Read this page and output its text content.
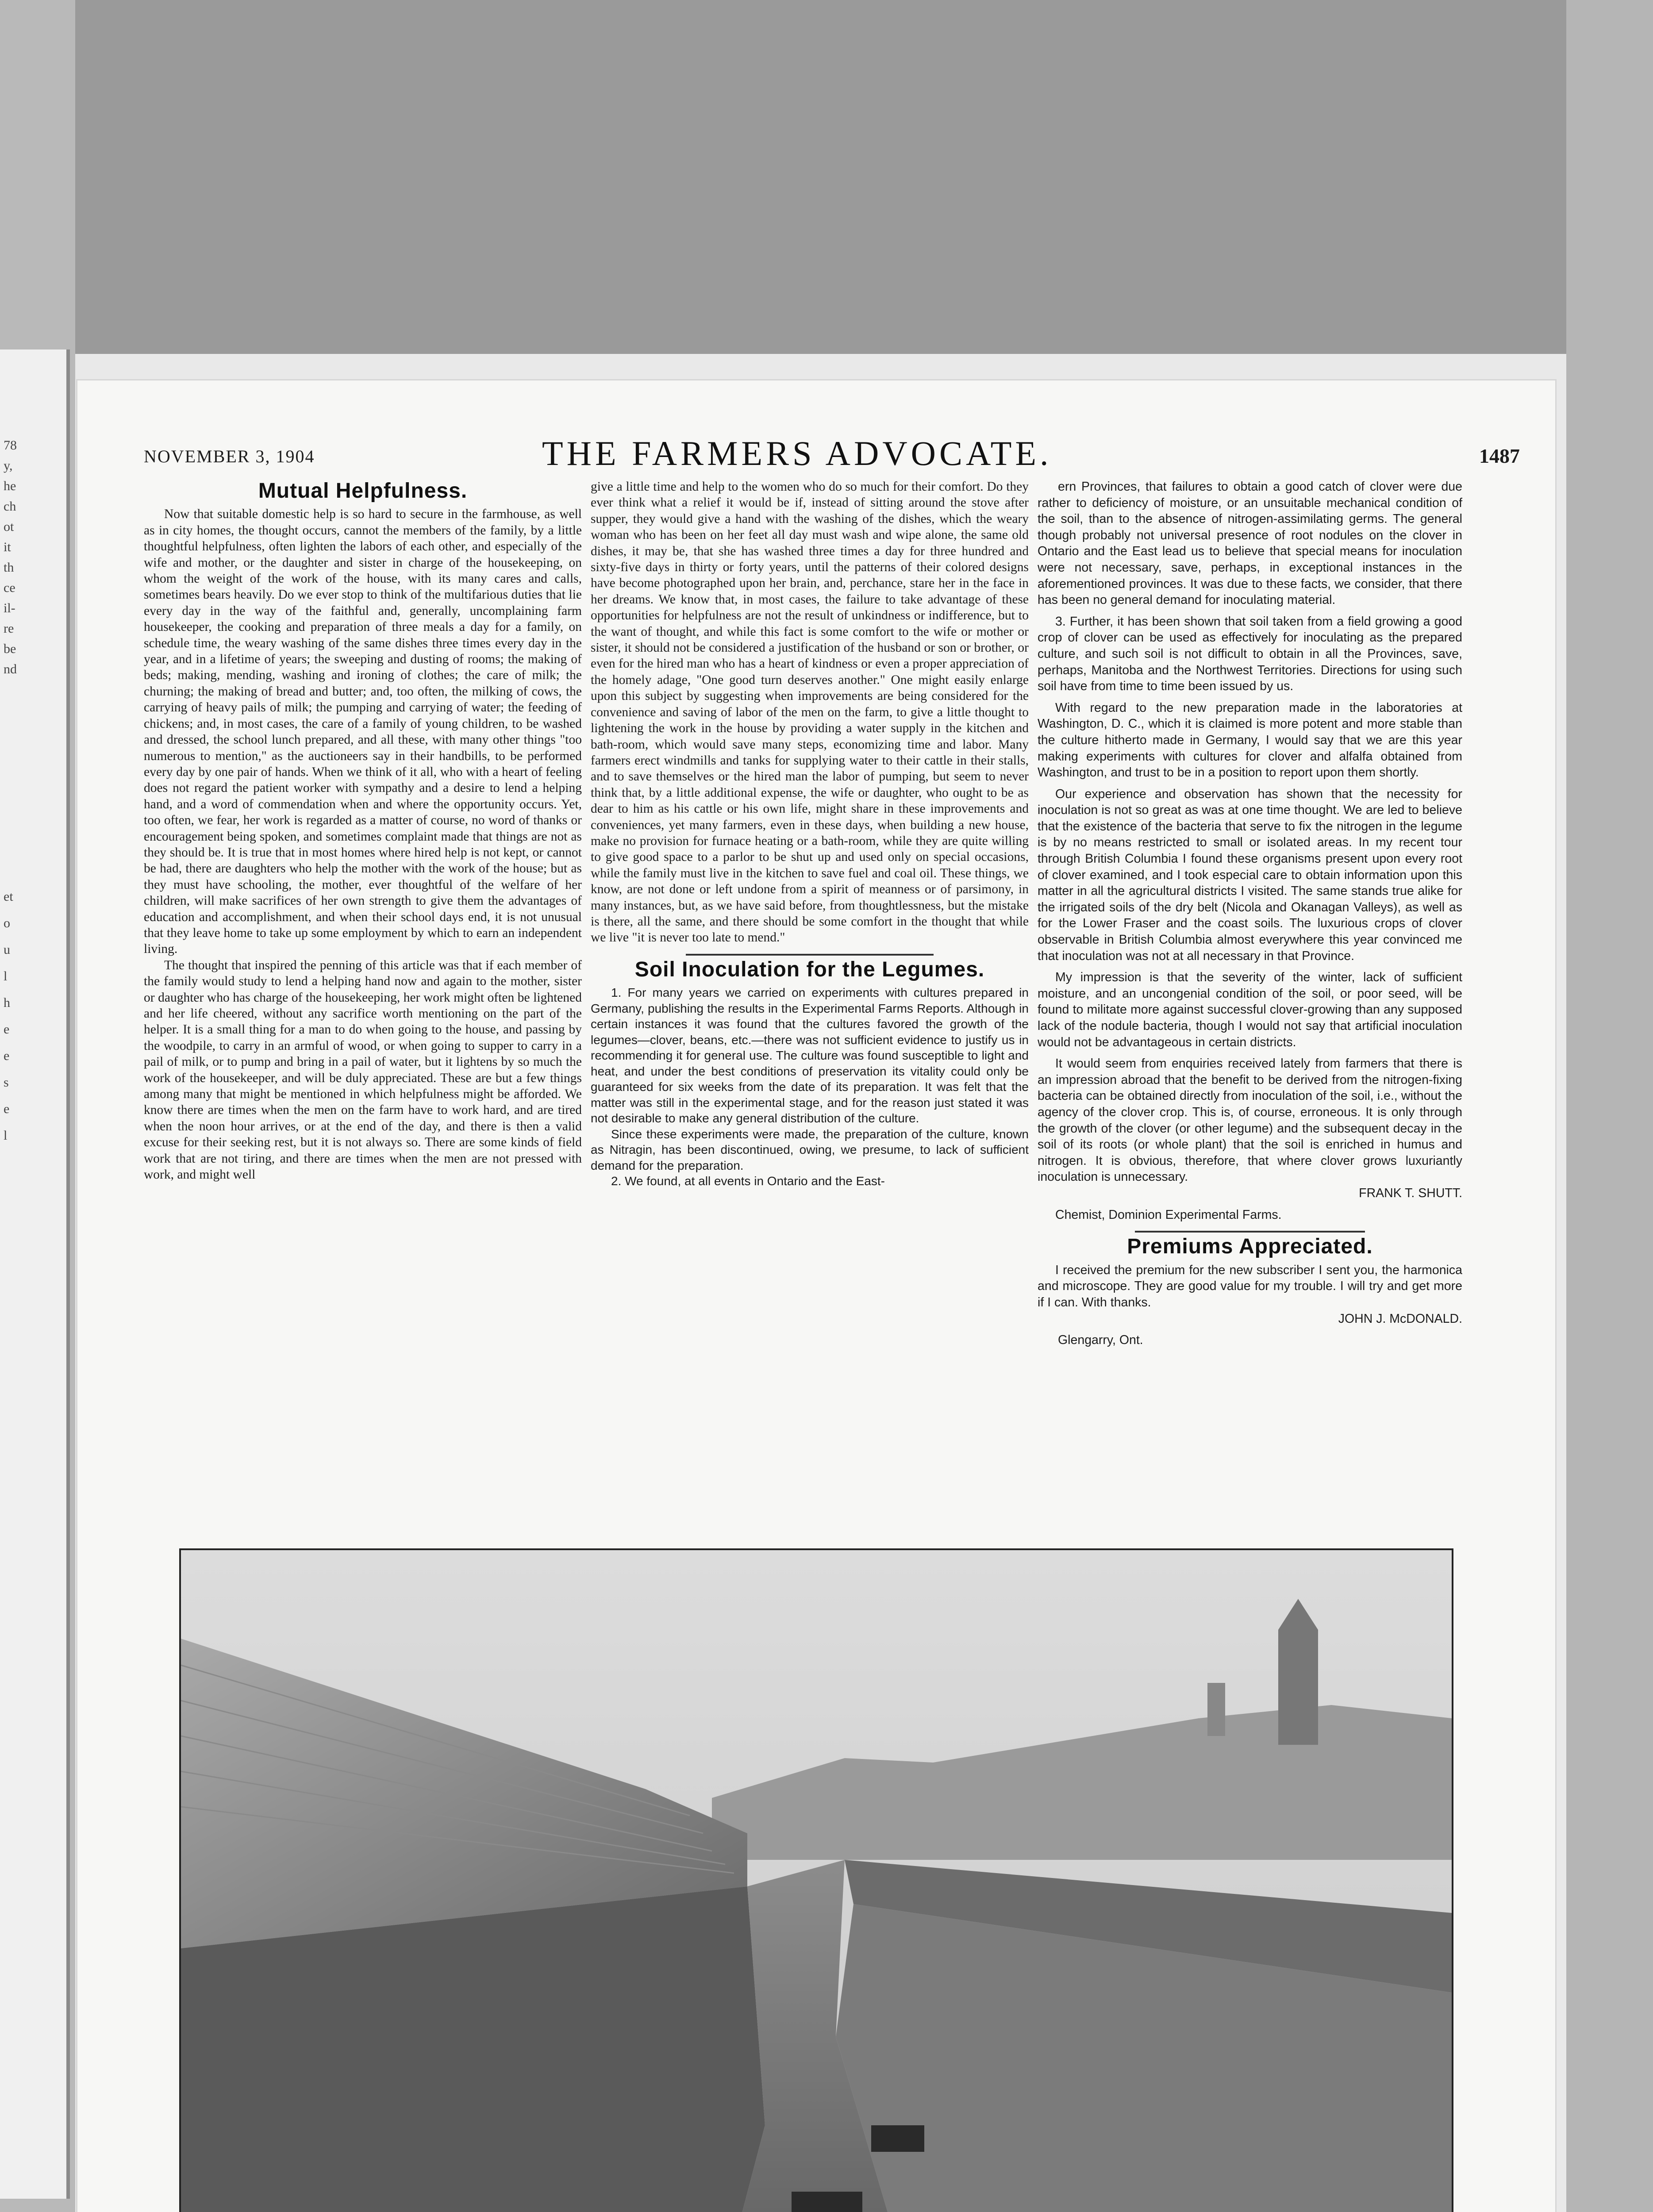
78
y,
he
ch
ot
it
th
ce
il-
re
be
nd
et
o
u
l
h
e
e
s
e
l
NOVEMBER 3, 1904	THE FARMERS ADVOCATE.	1487
Mutual Helpfulness.

Now that suitable domestic help is so hard to secure in the farmhouse, as well as in city homes, the thought occurs, cannot the members of the family, by a little thoughtful helpfulness, often lighten the labors of each other, and especially of the wife and mother, or the daughter and sister in charge of the housekeeping, on whom the weight of the work of the house, with its many cares and calls, sometimes bears heavily. Do we ever stop to think of the multifarious duties that lie every day in the way of the faithful and, generally, uncomplaining farm housekeeper, the cooking and preparation of three meals a day for a family, on schedule time, the weary washing of the same dishes three times every day in the year, and in a lifetime of years; the sweeping and dusting of rooms; the making of beds; making, mending, washing and ironing of clothes; the care of milk; the churning; the making of bread and butter; and, too often, the milking of cows, the carrying of heavy pails of milk; the pumping and carrying of water; the feeding of chickens; and, in most cases, the care of a family of young children, to be washed and dressed, the school lunch prepared, and all these, with many other things "too numerous to mention," as the auctioneers say in their handbills, to be performed every day by one pair of hands. When we think of it all, who with a heart of feeling does not regard the patient worker with sympathy and a desire to lend a helping hand, and a word of commendation when and where the opportunity occurs. Yet, too often, we fear, her work is regarded as a matter of course, no word of thanks or encouragement being spoken, and sometimes complaint made that things are not as they should be. It is true that in most homes where hired help is not kept, or cannot be had, there are daughters who help the mother with the work of the house; but as they must have schooling, the mother, ever thoughtful of the welfare of her children, will make sacrifices of her own strength to give them the advantages of education and accomplishment, and when their school days end, it is not unusual that they leave home to take up some employment by which to earn an independent living.

The thought that inspired the penning of this article was that if each member of the family would study to lend a helping hand now and again to the mother, sister or daughter who has charge of the housekeeping, her work might often be lightened and her life cheered, without any sacrifice worth mentioning on the part of the helper. It is a small thing for a man to do when going to the house, and passing by the woodpile, to carry in an armful of wood, or when going to supper to carry in a pail of milk, or to pump and bring in a pail of water, but it lightens by so much the work of the housekeeper, and will be duly appreciated. These are but a few things among many that might be mentioned in which helpfulness might be afforded. We know there are times when the men on the farm have to work hard, and are tired when the noon hour arrives, or at the end of the day, and there is then a valid excuse for their seeking rest, but it is not always so. There are some kinds of field work that are not tiring, and there are times when the men are not pressed with work, and might well

give a little time and help to the women who do so much for their comfort. Do they ever think what a relief it would be if, instead of sitting around the stove after supper, they would give a hand with the washing of the dishes, which the weary woman who has been on her feet all day must wash and wipe alone, the same old dishes, it may be, that she has washed three times a day for three hundred and sixty-five days in thirty or forty years, until the patterns of their colored designs have become photographed upon her brain, and, perchance, stare her in the face in her dreams. We know that, in most cases, the failure to take advantage of these opportunities for helpfulness are not the result of unkindness or indifference, but to the want of thought, and while this fact is some comfort to the wife or mother or sister, it should not be considered a justification of the husband or son or brother, or even for the hired man who has a heart of kindness or even a proper appreciation of the homely adage, "One good turn deserves another." One might easily enlarge upon this subject by suggesting when improvements are being considered for the convenience and saving of labor of the men on the farm, to give a little thought to lightening the work in the house by providing a water supply in the kitchen and bath-room, which would save many steps, economizing time and labor. Many farmers erect windmills and tanks for supplying water to their cattle in their stalls, and to save themselves or the hired man the labor of pumping, but seem to never think that, by a little additional expense, the wife or daughter, who ought to be as dear to him as his cattle or his own life, might share in these improvements and conveniences, yet many farmers, even in these days, when building a new house, make no provision for furnace heating or a bath-room, while they are quite willing to give good space to a parlor to be shut up and used only on special occasions, while the family must live in the kitchen to save fuel and coal oil. These things, we know, are not done or left undone from a spirit of meanness or of parsimony, in many instances, but, as we have said before, from thoughtlessness, but the mistake is there, all the same, and there should be some comfort in the thought that while we live "it is never too late to mend."

Soil Inoculation for the Legumes.

1. For many years we carried on experiments with cultures prepared in Germany, publishing the results in the Experimental Farms Reports. Although in certain instances it was found that the cultures favored the growth of the legumes—clover, beans, etc.—there was not sufficient evidence to justify us in recommending it for general use. The culture was found susceptible to light and heat, and under the best conditions of preservation its vitality could only be guaranteed for six weeks from the date of its preparation. It was felt that the matter was still in the experimental stage, and for the reason just stated it was not desirable to make any general distribution of the culture.

Since these experiments were made, the preparation of the culture, known as Nitragin, has been discontinued, owing, we presume, to lack of sufficient demand for the preparation.

2. We found, at all events in Ontario and the East-

ern Provinces, that failures to obtain a good catch of clover were due rather to deficiency of moisture, or an unsuitable mechanical condition of the soil, than to the absence of nitrogen-assimilating germs. The general though probably not universal presence of root nodules on the clover in Ontario and the East lead us to believe that special means for inoculation were not necessary, save, perhaps, in exceptional instances in the aforementioned provinces. It was due to these facts, we consider, that there has been no general demand for inoculating material.

3. Further, it has been shown that soil taken from a field growing a good crop of clover can be used as effectively for inoculating as the prepared culture, and such soil is not difficult to obtain in all the Provinces, save, perhaps, Manitoba and the Northwest Territories. Directions for using such soil have from time to time been issued by us.

With regard to the new preparation made in the laboratories at Washington, D. C., which it is claimed is more potent and more stable than the culture hitherto made in Germany, I would say that we are this year making experiments with cultures for clover and alfalfa obtained from Washington, and trust to be in a position to report upon them shortly.

Our experience and observation has shown that the necessity for inoculation is not so great as was at one time thought. We are led to believe that the existence of the bacteria that serve to fix the nitrogen in the legume is by no means restricted to small or isolated areas. In my recent tour through British Columbia I found these organisms present upon every root of clover examined, and I took especial care to obtain information upon this matter in all the agricultural districts I visited. The same stands true alike for the irrigated soils of the dry belt (Nicola and Okanagan Valleys), as well as for the Lower Fraser and the coast soils. The luxurious crops of clover observable in British Columbia almost everywhere this year convinced me that inoculation was not at all necessary in that Province.

My impression is that the severity of the winter, lack of sufficient moisture, and an uncongenial condition of the soil, or poor seed, will be found to militate more against successful clover-growing than any supposed lack of the nodule bacteria, though I would not say that artificial inoculation would not be advantageous in certain districts.

It would seem from enquiries received lately from farmers that there is an impression abroad that the benefit to be derived from the nitrogen-fixing bacteria can be obtained directly from inoculation of the soil, i.e., without the agency of the clover crop. This is, of course, erroneous. It is only through the growth of the clover (or other legume) and the subsequent decay in the soil of its roots (or whole plant) that the soil is enriched in humus and nitrogen. It is obvious, therefore, that where clover grows luxuriantly inoculation is unnecessary.

FRANK T. SHUTT.

Chemist, Dominion Experimental Farms.

Premiums Appreciated.

I received the premium for the new subscriber I sent you, the harmonica and microscope. They are good value for my trouble. I will try and get more if I can. With thanks.

JOHN J. McDONALD.

Glengarry, Ont.
